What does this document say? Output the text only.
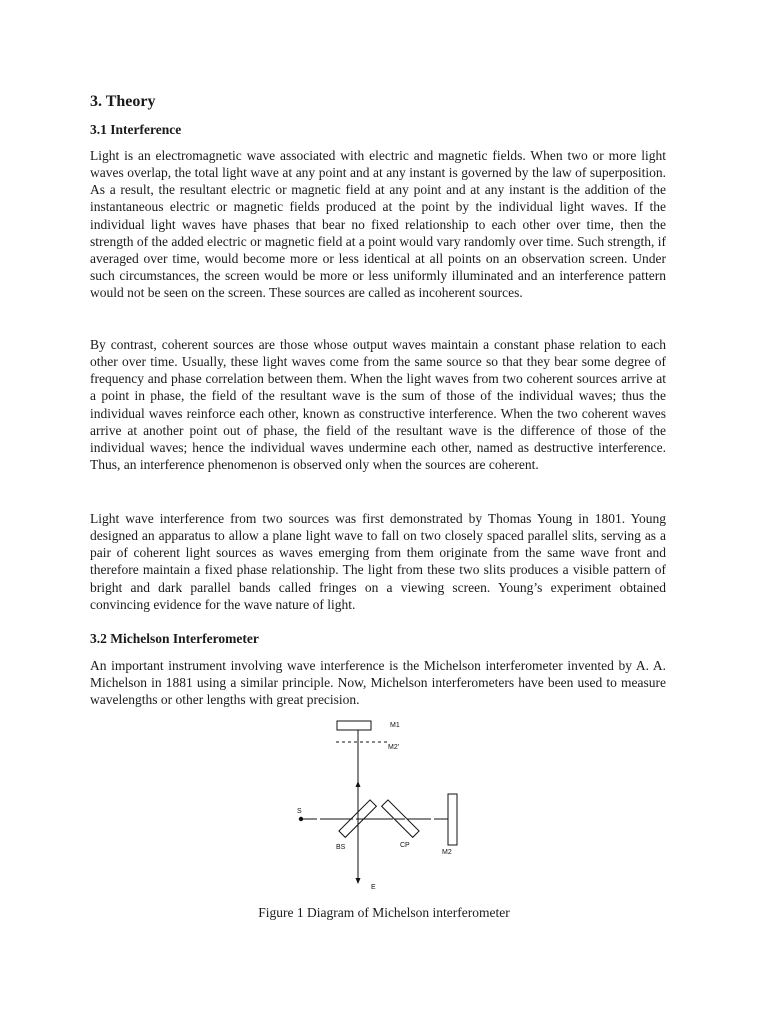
3. Theory
3.1 Interference

Light is an electromagnetic wave associated with electric and magnetic fields. When two or more light waves overlap, the total light wave at any point and at any instant is governed by the law of superposition. As a result, the resultant electric or magnetic field at any point and at any instant is the addition of the instantaneous electric or magnetic fields produced at the point by the individual light waves. If the individual light waves have phases that bear no fixed relationship to each other over time, then the strength of the added electric or magnetic field at a point would vary randomly over time. Such strength, if averaged over time, would become more or less identical at all points on an observation screen. Under such circumstances, the screen would be more or less uniformly illuminated and an interference pattern would not be seen on the screen. These sources are called as incoherent sources.

By contrast, coherent sources are those whose output waves maintain a constant phase relation to each other over time. Usually, these light waves come from the same source so that they bear some degree of frequency and phase correlation between them. When the light waves from two coherent sources arrive at a point in phase, the field of the resultant wave is the sum of those of the individual waves; thus the individual waves reinforce each other, known as constructive interference. When the two coherent waves arrive at another point out of phase, the field of the resultant wave is the difference of those of the individual waves; hence the individual waves undermine each other, named as destructive interference. Thus, an interference phenomenon is observed only when the sources are coherent.

Light wave interference from two sources was first demonstrated by Thomas Young in 1801. Young designed an apparatus to allow a plane light wave to fall on two closely spaced parallel slits, serving as a pair of coherent light sources as waves emerging from them originate from the same wave front and therefore maintain a fixed phase relationship. The light from these two slits produces a visible pattern of bright and dark parallel bands called fringes on a viewing screen. Young’s experiment obtained convincing evidence for the wave nature of light.

3.2 Michelson Interferometer

An important instrument involving wave interference is the Michelson interferometer invented by A. A. Michelson in 1881 using a similar principle. Now, Michelson interferometers have been used to measure wavelengths or other lengths with great precision.

M1
M2'
S
BS	CP
M2
E

Figure 1 Diagram of Michelson interferometer
